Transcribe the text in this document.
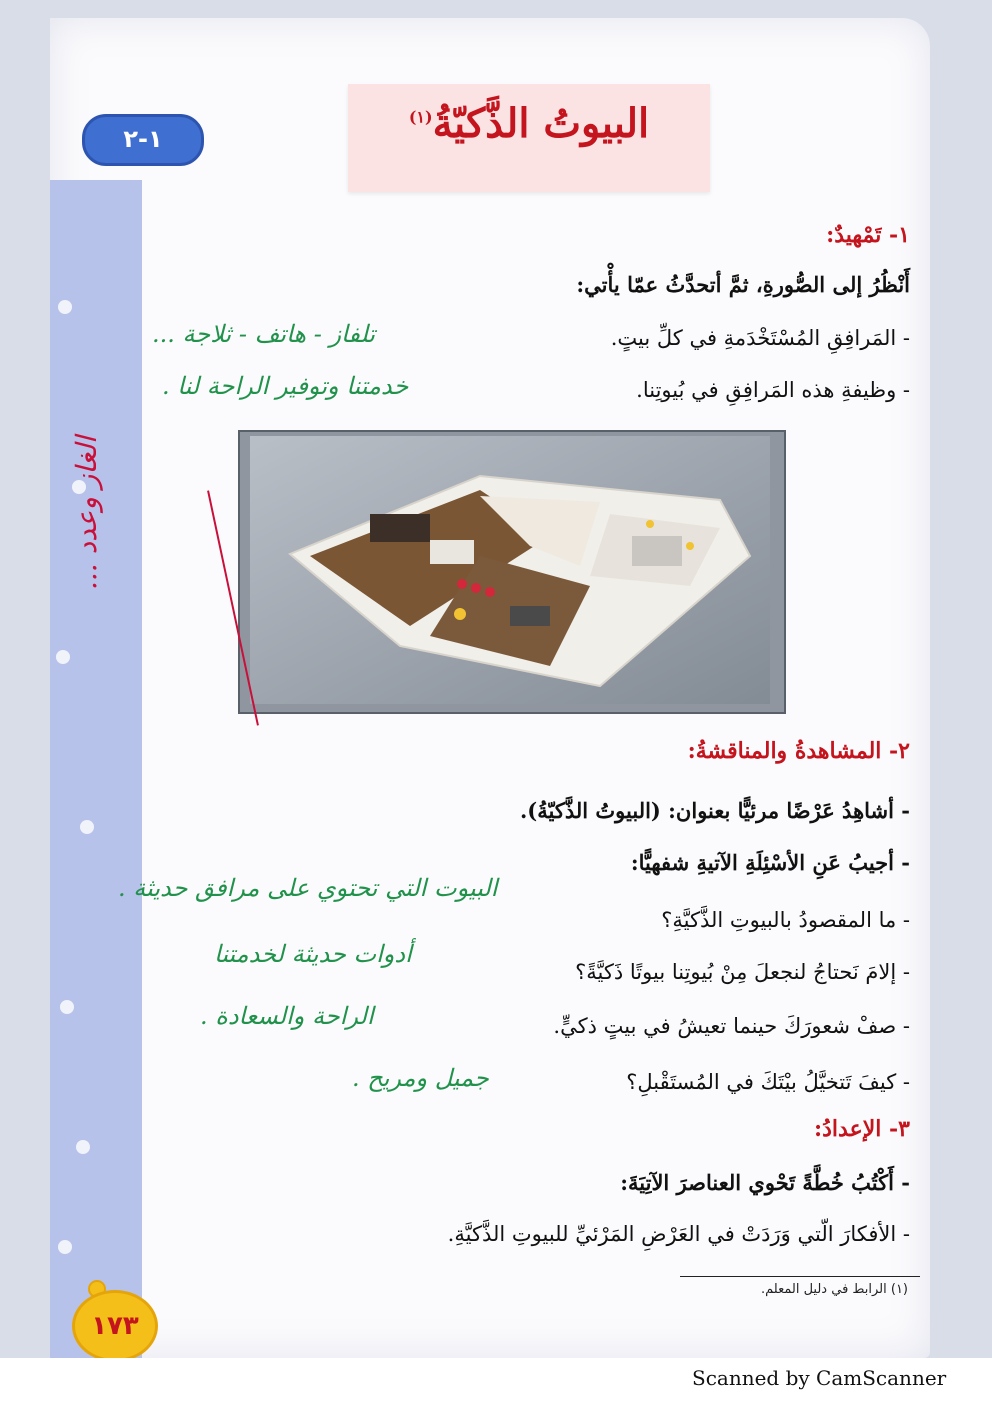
البيوتُ الذَّكيّةُ$^{(١)}$
١-٢
١- تَمْهيدٌ:
أَنْظُرُ إلى الصُّورةِ، ثمَّ أتحدَّثُ عمّا يأْتي:
- المَرافِقِ المُسْتَخْدَمةِ في كلِّ بيتٍ.
- وظيفةِ هذه المَرافِقِ في بُيوتِنا.
تلفاز - هاتف - ثلاجة ...
خدمتنا وتوفير الراحة لنا .
الغاز وعدد ...
٢- المشاهدةُ والمناقشةُ:
- أشاهِدُ عَرْضًا مرئيًّا بعنوان: (البيوتُ الذَّكيّةُ).
- أجيبُ عَنِ الأسْئِلَةِ الآتيةِ شفهيًّا:
- ما المقصودُ بالبيوتِ الذَّكيَّةِ؟
- إلامَ نَحتاجُ لنجعلَ مِنْ بُيوتِنا بيوتًا ذَكيَّةً؟
- صفْ شعورَكَ حينما تعيشُ في بيتٍ ذكيٍّ.
- كيفَ تَتخيَّلُ بيْتَكَ في المُستَقْبلِ؟
البيوت التي تحتوي على مرافق حديثة .
أدوات حديثة لخدمتنا
الراحة والسعادة .
جميل ومريح .
٣- الإعدادُ:
- أَكْتُبُ خُطَّةً تَحْوي العناصرَ الآتِيَةَ:
- الأفكارَ الّتي وَرَدَتْ في العَرْضِ المَرْئيِّ للبيوتِ الذَّكيَّةِ.
(١) الرابط في دليل المعلم.
١٧٣
Scanned by CamScanner
